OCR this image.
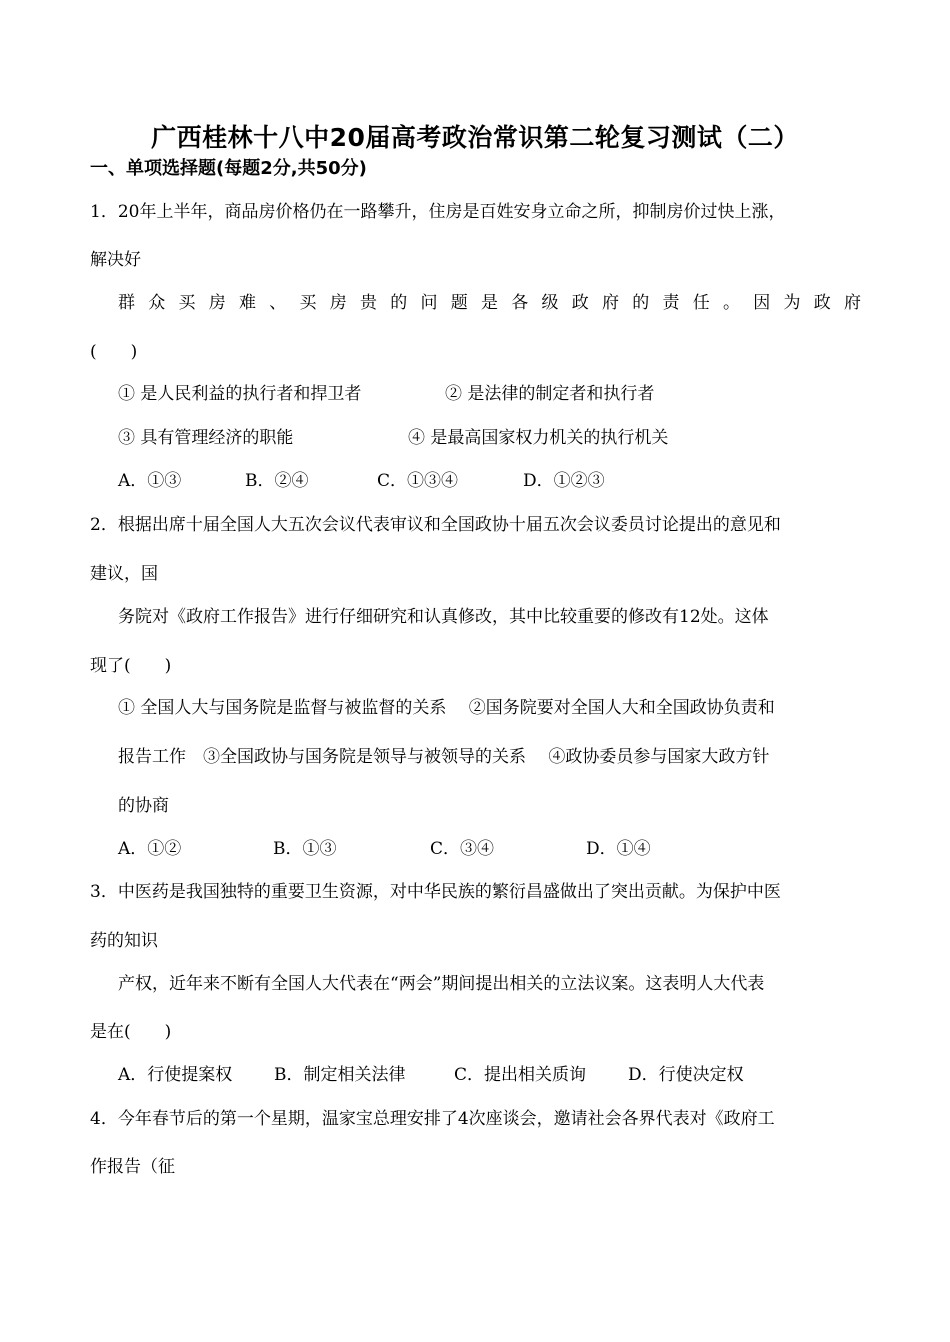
广西桂林十八中20届高考政治常识第二轮复习测试（二）
一、单项选择题(每题2分,共50分)
1．20年上半年，商品房价格仍在一路攀升，住房是百姓安身立命之所，抑制房价过快上涨，
解决好
群众买房难、买房贵的问题是各级政府的责任。因为政府
(　　)
① 是人民利益的执行者和捍卫者	② 是法律的制定者和执行者
③ 具有管理经济的职能	④ 是最高国家权力机关的执行机关
A．①③	B．②④	C．①③④	D．①②③
2．根据出席十届全国人大五次会议代表审议和全国政协十届五次会议委员讨论提出的意见和
建议，国
务院对《政府工作报告》进行仔细研究和认真修改，其中比较重要的修改有12处。这体
现了(　　)
① 全国人大与国务院是监督与被监督的关系　 ②国务院要对全国人大和全国政协负责和
报告工作　③全国政协与国务院是领导与被领导的关系　 ④政协委员参与国家大政方针
的协商
A．①②	B．①③	C．③④	D．①④
3．中医药是我国独特的重要卫生资源，对中华民族的繁衍昌盛做出了突出贡献。为保护中医
药的知识
产权，近年来不断有全国人大代表在“两会”期间提出相关的立法议案。这表明人大代表
是在(　　)
A．行使提案权 B．制定相关法律	C．提出相关质询 D．行使决定权
4．今年春节后的第一个星期，温家宝总理安排了4次座谈会，邀请社会各界代表对《政府工
作报告（征
